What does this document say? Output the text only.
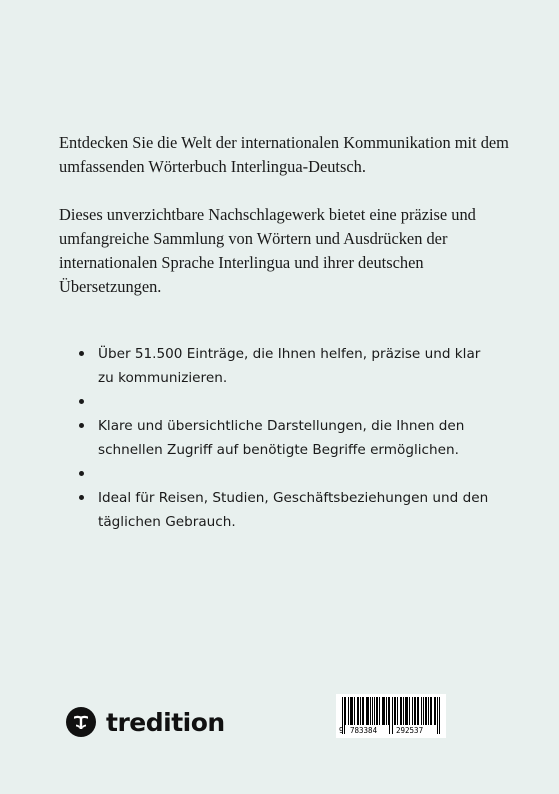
Entdecken Sie die Welt der internationalen Kommunikation mit dem umfassenden Wörterbuch Interlingua-Deutsch.

Dieses unverzichtbare Nachschlagewerk bietet eine präzise und umfangreiche Sammlung von Wörtern und Ausdrücken der internationalen Sprache Interlingua und ihrer deutschen Übersetzungen.

Über 51.500 Einträge, die Ihnen helfen, präzise und klar zu kommunizieren.
Klare und übersichtliche Darstellungen, die Ihnen den schnellen Zugriff auf benötigte Begriffe ermöglichen.
Ideal für Reisen, Studien, Geschäftsbeziehungen und den täglichen Gebrauch.
tredition	9 783384	292537
